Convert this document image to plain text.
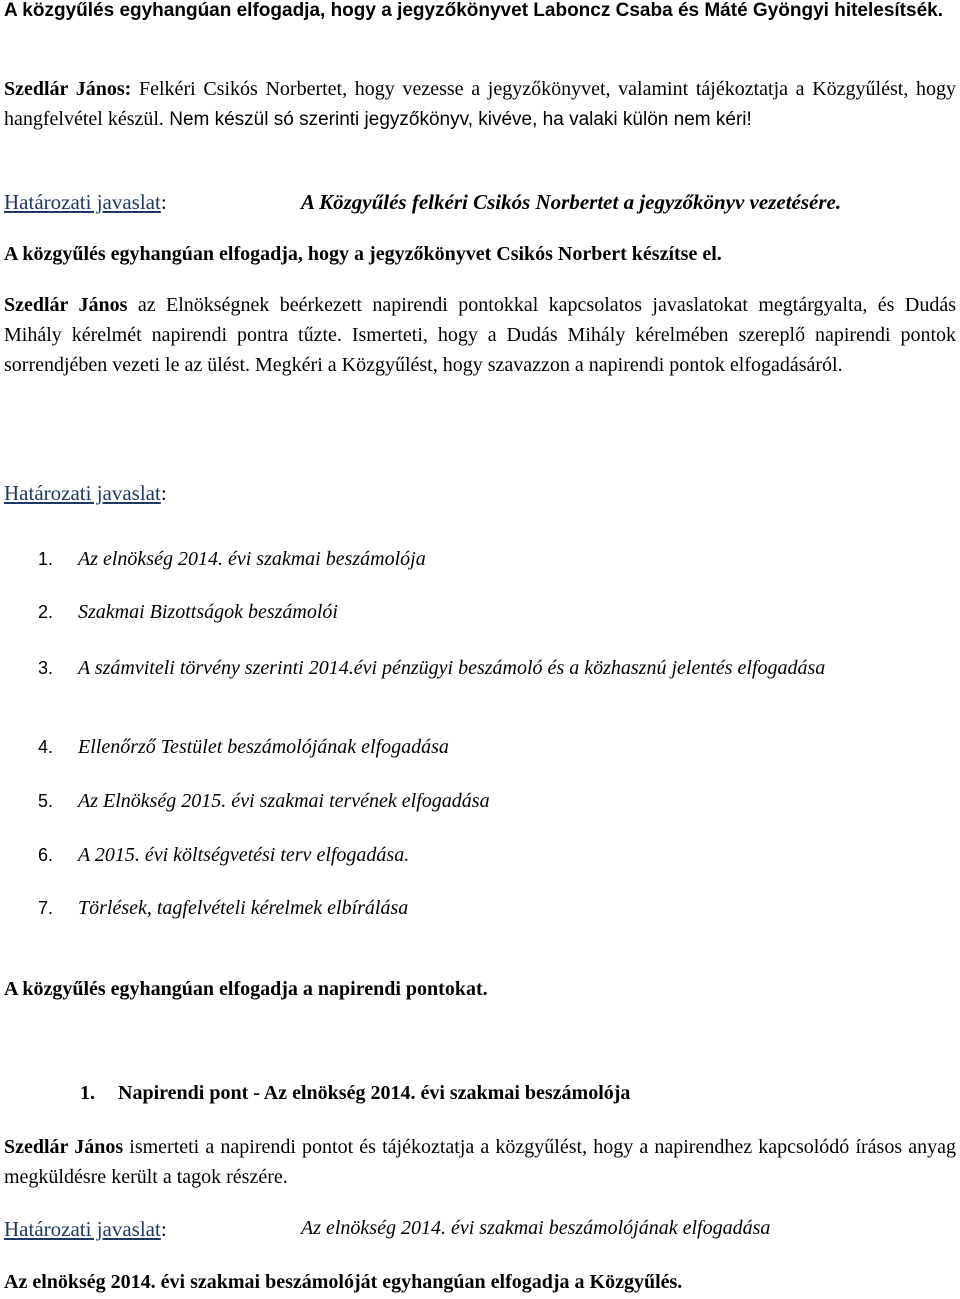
A közgyűlés egyhangúan elfogadja, hogy a jegyzőkönyvet Laboncz Csaba és Máté Gyöngyi hitelesítsék.
Szedlár János: Felkéri Csikós Norbertet, hogy vezesse a jegyzőkönyvet, valamint tájékoztatja a Közgyűlést, hogy hangfelvétel készül. Nem készül só szerinti jegyzőkönyv, kivéve, ha valaki külön nem kéri!
Határozati javaslat:	A Közgyűlés felkéri Csikós Norbertet a jegyzőkönyv vezetésére.
A közgyűlés egyhangúan elfogadja, hogy a jegyzőkönyvet Csikós Norbert készítse el.
Szedlár János az Elnökségnek beérkezett napirendi pontokkal kapcsolatos javaslatokat megtárgyalta, és Dudás Mihály kérelmét napirendi pontra tűzte. Ismerteti, hogy a Dudás Mihály kérelmében szereplő napirendi pontok sorrendjében vezeti le az ülést. Megkéri a Közgyűlést, hogy szavazzon a napirendi pontok elfogadásáról.
Határozati javaslat:
1. Az elnökség 2014. évi szakmai beszámolója
2. Szakmai Bizottságok beszámolói
3. A számviteli törvény szerinti 2014.évi pénzügyi beszámoló és a közhasznú jelentés elfogadása
4. Ellenőrző Testület beszámolójának elfogadása
5. Az Elnökség 2015. évi szakmai tervének elfogadása
6. A 2015. évi költségvetési terv elfogadása.
7. Törlések, tagfelvételi kérelmek elbírálása
A közgyűlés egyhangúan elfogadja a napirendi pontokat.
1. Napirendi pont - Az elnökség 2014. évi szakmai beszámolója
Szedlár János ismerteti a napirendi pontot és tájékoztatja a közgyűlést, hogy a napirendhez kapcsolódó írásos anyag megküldésre került a tagok részére.
Határozati javaslat:	Az elnökség 2014. évi szakmai beszámolójának elfogadása
Az elnökség 2014. évi szakmai beszámolóját egyhangúan elfogadja a Közgyűlés.
